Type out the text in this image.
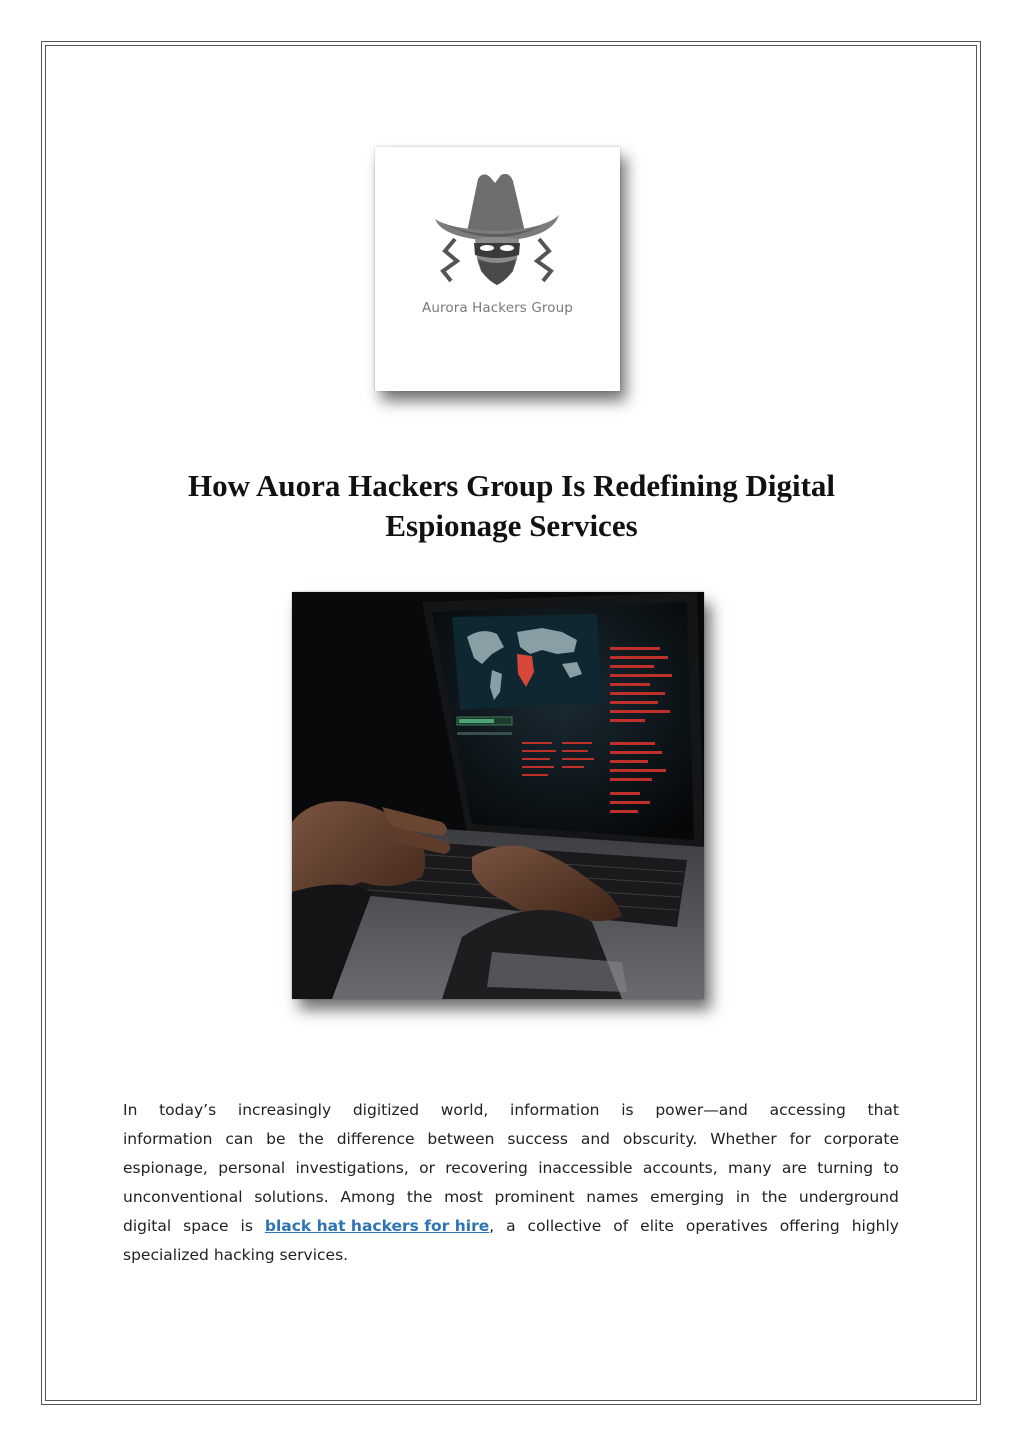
Aurora Hackers Group
How Auora Hackers Group Is Redefining Digital
Espionage Services
In today’s increasingly digitized world, information is power—and accessing that
information can be the difference between success and obscurity. Whether for corporate
espionage, personal investigations, or recovering inaccessible accounts, many are turning to
unconventional solutions. Among the most prominent names emerging in the underground
digital space is black hat hackers for hire, a collective of elite operatives offering highly
specialized hacking services.
